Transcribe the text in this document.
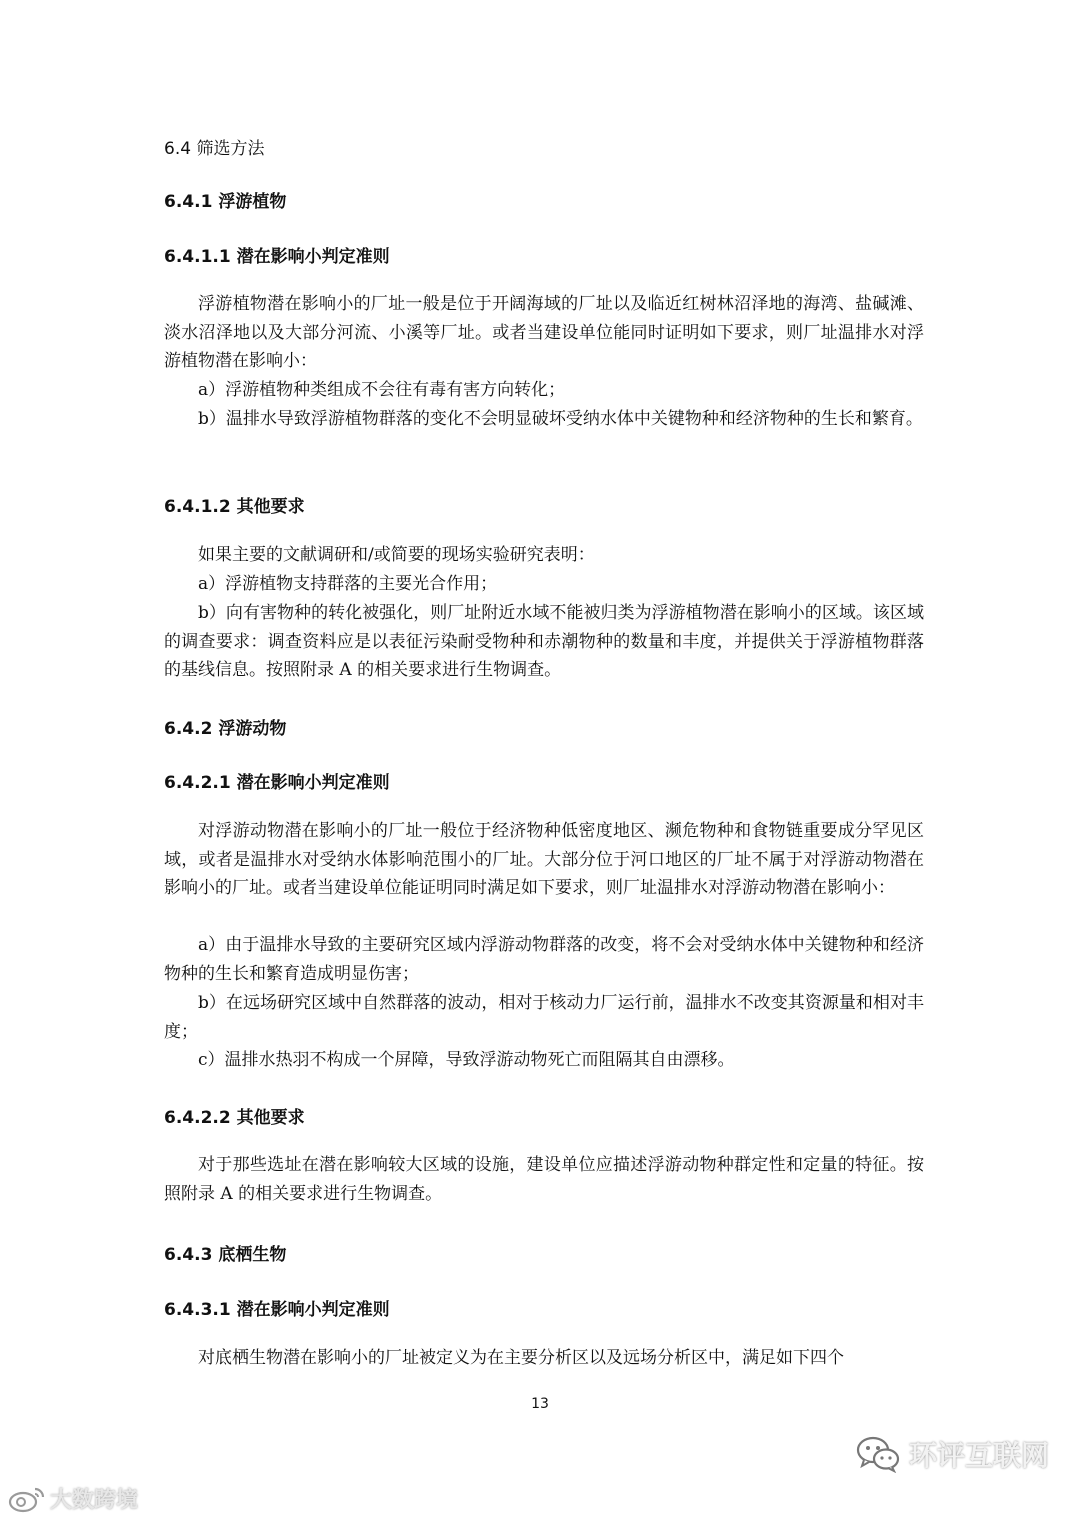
6.4 筛选方法
6.4.1 浮游植物
6.4.1.1 潜在影响小判定准则

浮游植物潜在影响小的厂址一般是位于开阔海域的厂址以及临近红树林沼泽地的海湾、盐碱滩、淡水沼泽地以及大部分河流、小溪等厂址。或者当建设单位能同时证明如下要求，则厂址温排水对浮游植物潜在影响小：

a）浮游植物种类组成不会往有毒有害方向转化；

b）温排水导致浮游植物群落的变化不会明显破坏受纳水体中关键物种和经济物种的生长和繁育。

6.4.1.2 其他要求

如果主要的文献调研和/或简要的现场实验研究表明：

a）浮游植物支持群落的主要光合作用；

b）向有害物种的转化被强化，则厂址附近水域不能被归类为浮游植物潜在影响小的区域。该区域的调查要求：调查资料应是以表征污染耐受物种和赤潮物种的数量和丰度，并提供关于浮游植物群落的基线信息。按照附录 A 的相关要求进行生物调查。

6.4.2 浮游动物
6.4.2.1 潜在影响小判定准则

对浮游动物潜在影响小的厂址一般位于经济物种低密度地区、濒危物种和食物链重要成分罕见区域，或者是温排水对受纳水体影响范围小的厂址。大部分位于河口地区的厂址不属于对浮游动物潜在影响小的厂址。或者当建设单位能证明同时满足如下要求，则厂址温排水对浮游动物潜在影响小：

a）由于温排水导致的主要研究区域内浮游动物群落的改变，将不会对受纳水体中关键物种和经济物种的生长和繁育造成明显伤害；

b）在远场研究区域中自然群落的波动，相对于核动力厂运行前，温排水不改变其资源量和相对丰度；

c）温排水热羽不构成一个屏障，导致浮游动物死亡而阻隔其自由漂移。

6.4.2.2 其他要求

对于那些选址在潜在影响较大区域的设施，建设单位应描述浮游动物种群定性和定量的特征。按照附录 A 的相关要求进行生物调查。

6.4.3 底栖生物
6.4.3.1 潜在影响小判定准则

对底栖生物潜在影响小的厂址被定义为在主要分析区以及远场分析区中，满足如下四个

13
大数跨境
环评互联网
